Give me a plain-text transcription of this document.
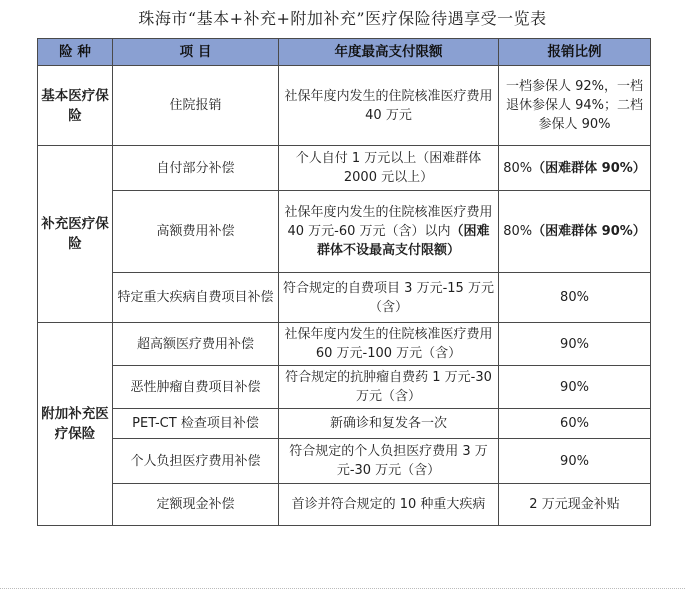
珠海市“基本+补充+附加补充”医疗保险待遇享受一览表
险 种	项 目	年度最高支付限额	报销比例
基本医疗保险	住院报销	社保年度内发生的住院核准医疗费用 40 万元	一档参保人 92%，一档退休参保人 94%；二档参保人 90%
补充医疗保险	自付部分补偿	个人自付 1 万元以上（困难群体 2000 元以上）	80%（困难群体 90%）
	高额费用补偿	社保年度内发生的住院核准医疗费用 40 万元-60 万元（含）以内（困难群体不设最高支付限额）	80%（困难群体 90%）
	特定重大疾病自费项目补偿	符合规定的自费项目 3 万元-15 万元（含）	80%
附加补充医疗保险	超高额医疗费用补偿	社保年度内发生的住院核准医疗费用 60 万元-100 万元（含）	90%
	恶性肿瘤自费项目补偿	符合规定的抗肿瘤自费药 1 万元-30 万元（含）	90%
	PET-CT 检查项目补偿	新确诊和复发各一次	60%
	个人负担医疗费用补偿	符合规定的个人负担医疗费用 3 万元-30 万元（含）	90%
	定额现金补偿	首诊并符合规定的 10 种重大疾病	2 万元现金补贴
